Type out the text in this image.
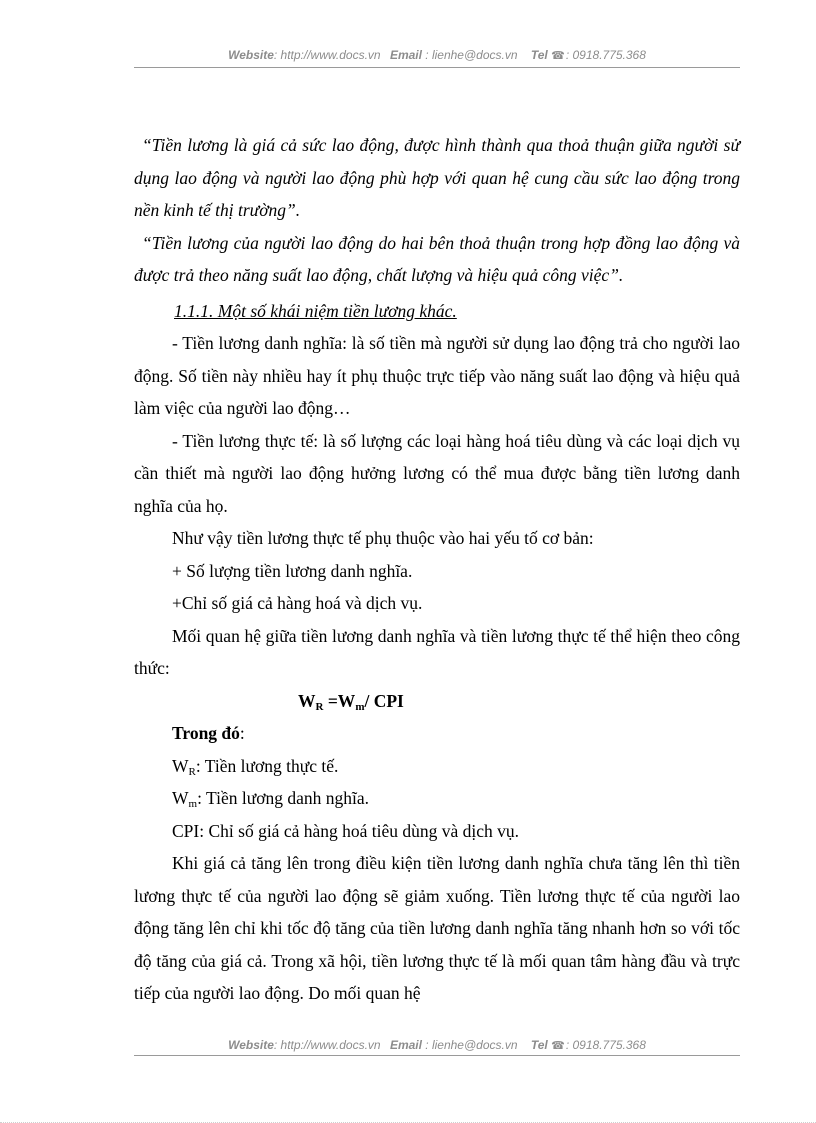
Website: http://www.docs.vn Email : lienhe@docs.vn Tel ☎: 0918.775.368

“Tiền lương là giá cả sức lao động, được hình thành qua thoả thuận giữa người sử dụng lao động và người lao động phù hợp với quan hệ cung cầu sức lao động trong nền kinh tế thị trường”.

“Tiền lương của người lao động do hai bên thoả thuận trong hợp đồng lao động và được trả theo năng suất lao động, chất lượng và hiệu quả công việc”.

1.1.1. Một số khái niệm tiền lương khác.

- Tiền lương danh nghĩa: là số tiền mà người sử dụng lao động trả cho người lao động. Số tiền này nhiều hay ít phụ thuộc trực tiếp vào năng suất lao động và hiệu quả làm việc của người lao động…

- Tiền lương thực tế: là số lượng các loại hàng hoá tiêu dùng và các loại dịch vụ cần thiết mà người lao động hưởng lương có thể mua được bằng tiền lương danh nghĩa của họ.

Như vậy tiền lương thực tế phụ thuộc vào hai yếu tố cơ bản:

+ Số lượng tiền lương danh nghĩa.

+Chỉ số giá cả hàng hoá và dịch vụ.

Mối quan hệ giữa tiền lương danh nghĩa và tiền lương thực tế thể hiện theo công thức:

$W_R =W_m/$ CPI

Trong đó:

$W_R$: Tiền lương thực tế.

$W_m$: Tiền lương danh nghĩa.

CPI: Chỉ số giá cả hàng hoá tiêu dùng và dịch vụ.

Khi giá cả tăng lên trong điều kiện tiền lương danh nghĩa chưa tăng lên thì tiền lương thực tế của người lao động sẽ giảm xuống. Tiền lương thực tế của người lao động tăng lên chỉ khi tốc độ tăng của tiền lương danh nghĩa tăng nhanh hơn so với tốc độ tăng của giá cả. Trong xã hội, tiền lương thực tế là mối quan tâm hàng đầu và trực tiếp của người lao động. Do mối quan hệ

Website: http://www.docs.vn Email : lienhe@docs.vn Tel ☎: 0918.775.368
